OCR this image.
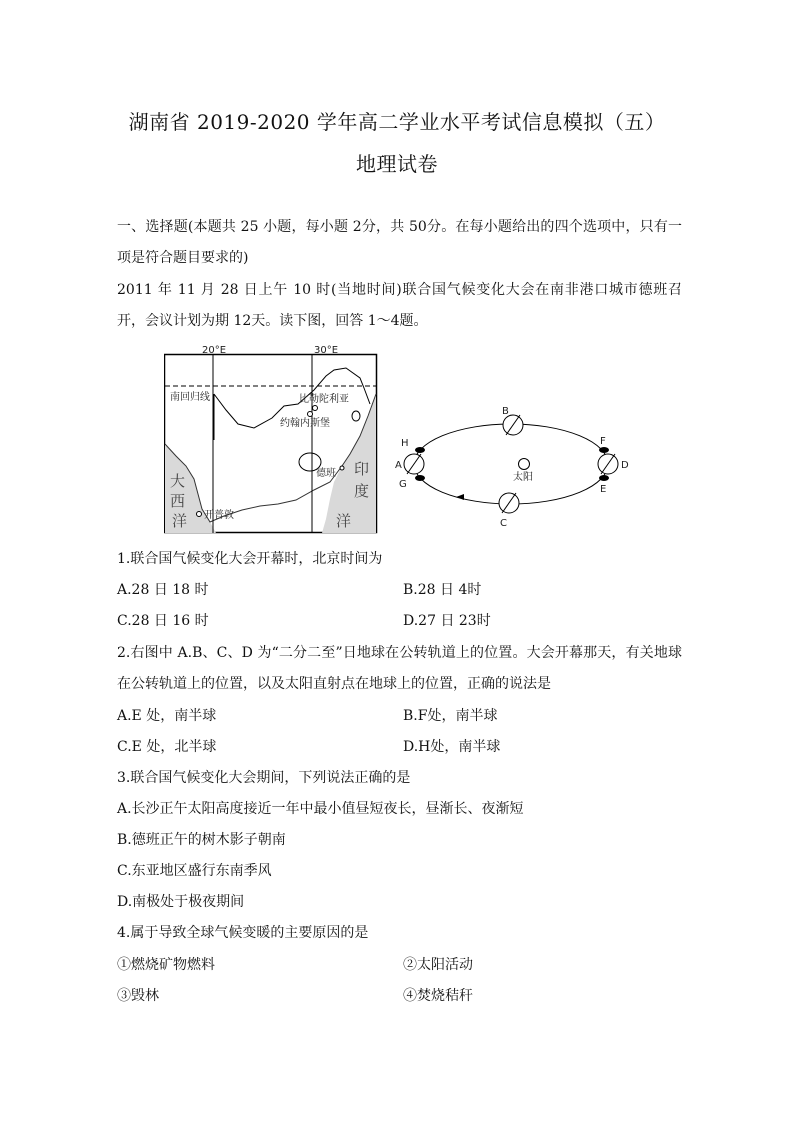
湖南省 2019-2020 学年高二学业水平考试信息模拟（五）
地理试卷

一、选择题(本题共 25 小题，每小题 2分，共 50分。在每小题给出的四个选项中，只有一项是符合题目要求的)

2011 年 11 月 28 日上午 10 时(当地时间)联合国气候变化大会在南非港口城市德班召开，会议计划为期 12天。读下图，回答 1～4题。

20°E	30°E
南回归线	比勒陀利亚
约翰内斯堡
德班
开普敦
大
西
洋
印
度
洋
太阳
A
B
C
D
E
F
G
H
1.联合国气候变化大会开幕时，北京时间为
A.28 日 18 时	B.28 日 4时
C.28 日 16 时	D.27 日 23时

2.右图中 A.B、C、D 为“二分二至”日地球在公转轨道上的位置。大会开幕那天，有关地球在公转轨道上的位置，以及太阳直射点在地球上的位置，正确的说法是

A.E 处，南半球	B.F处，南半球
C.E 处，北半球	D.H处，南半球
3.联合国气候变化大会期间，下列说法正确的是
A.长沙正午太阳高度接近一年中最小值昼短夜长，昼渐长、夜渐短
B.德班正午的树木影子朝南
C.东亚地区盛行东南季风
D.南极处于极夜期间
4.属于导致全球气候变暖的主要原因的是
①燃烧矿物燃料	②太阳活动
③毁林	④焚烧秸秆
